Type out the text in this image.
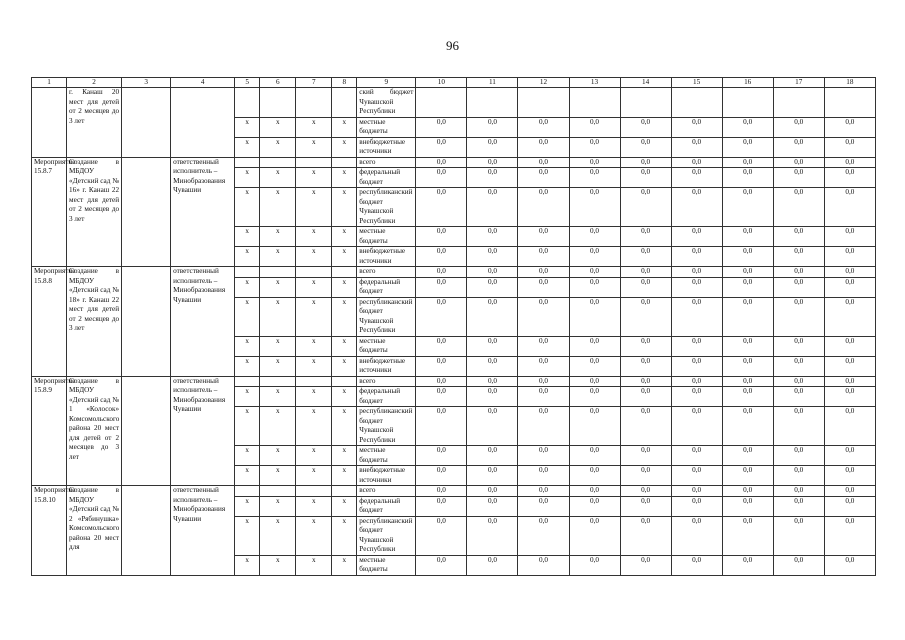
96
1	2	3	4	5	6	7	8	9	10	11	12	13	14	15	16	17	18
	г. Канаш 20 мест для детей от 2 месяцев до 3 лет							ский бюджет Чувашской Республики									
				x	x	x	x	местные бюджеты	0,0	0,0	0,0	0,0	0,0	0,0	0,0	0,0	0,0
				x	x	x	x	внебюджетные источники	0,0	0,0	0,0	0,0	0,0	0,0	0,0	0,0	0,0
Мероприятие 15.8.7	Создание в МБДОУ «Детский сад № 16» г. Канаш 22 мест для детей от 2 месяцев до 3 лет		ответственный исполнитель – Минобразования Чувашии					всего	0,0	0,0	0,0	0,0	0,0	0,0	0,0	0,0	0,0
				x	x	x	x	федеральный бюджет	0,0	0,0	0,0	0,0	0,0	0,0	0,0	0,0	0,0
				x	x	x	x	республиканский бюджет Чувашской Республики	0,0	0,0	0,0	0,0	0,0	0,0	0,0	0,0	0,0
				x	x	x	x	местные бюджеты	0,0	0,0	0,0	0,0	0,0	0,0	0,0	0,0	0,0
				x	x	x	x	внебюджетные источники	0,0	0,0	0,0	0,0	0,0	0,0	0,0	0,0	0,0
Мероприятие 15.8.8	Создание в МБДОУ «Детский сад № 18» г. Канаш 22 мест для детей от 2 месяцев до 3 лет		ответственный исполнитель – Минобразования Чувашии					всего	0,0	0,0	0,0	0,0	0,0	0,0	0,0	0,0	0,0
				x	x	x	x	федеральный бюджет	0,0	0,0	0,0	0,0	0,0	0,0	0,0	0,0	0,0
				x	x	x	x	республиканский бюджет Чувашской Республики	0,0	0,0	0,0	0,0	0,0	0,0	0,0	0,0	0,0
				x	x	x	x	местные бюджеты	0,0	0,0	0,0	0,0	0,0	0,0	0,0	0,0	0,0
				x	x	x	x	внебюджетные источники	0,0	0,0	0,0	0,0	0,0	0,0	0,0	0,0	0,0
Мероприятие 15.8.9	Создание в МБДОУ «Детский сад № 1 «Колосок» Комсомольского района 20 мест для детей от 2 месяцев до 3 лет		ответственный исполнитель – Минобразования Чувашии					всего	0,0	0,0	0,0	0,0	0,0	0,0	0,0	0,0	0,0
				x	x	x	x	федеральный бюджет	0,0	0,0	0,0	0,0	0,0	0,0	0,0	0,0	0,0
				x	x	x	x	республиканский бюджет Чувашской Республики	0,0	0,0	0,0	0,0	0,0	0,0	0,0	0,0	0,0
				x	x	x	x	местные бюджеты	0,0	0,0	0,0	0,0	0,0	0,0	0,0	0,0	0,0
				x	x	x	x	внебюджетные источники	0,0	0,0	0,0	0,0	0,0	0,0	0,0	0,0	0,0
Мероприятие 15.8.10	Создание в МБДОУ «Детский сад № 2 «Рябинушка» Комсомольского района 20 мест для		ответственный исполнитель – Минобразования Чувашии					всего	0,0	0,0	0,0	0,0	0,0	0,0	0,0	0,0	0,0
				x	x	x	x	федеральный бюджет	0,0	0,0	0,0	0,0	0,0	0,0	0,0	0,0	0,0
				x	x	x	x	республиканский бюджет Чувашской Республики	0,0	0,0	0,0	0,0	0,0	0,0	0,0	0,0	0,0
				x	x	x	x	местные бюджеты	0,0	0,0	0,0	0,0	0,0	0,0	0,0	0,0	0,0
